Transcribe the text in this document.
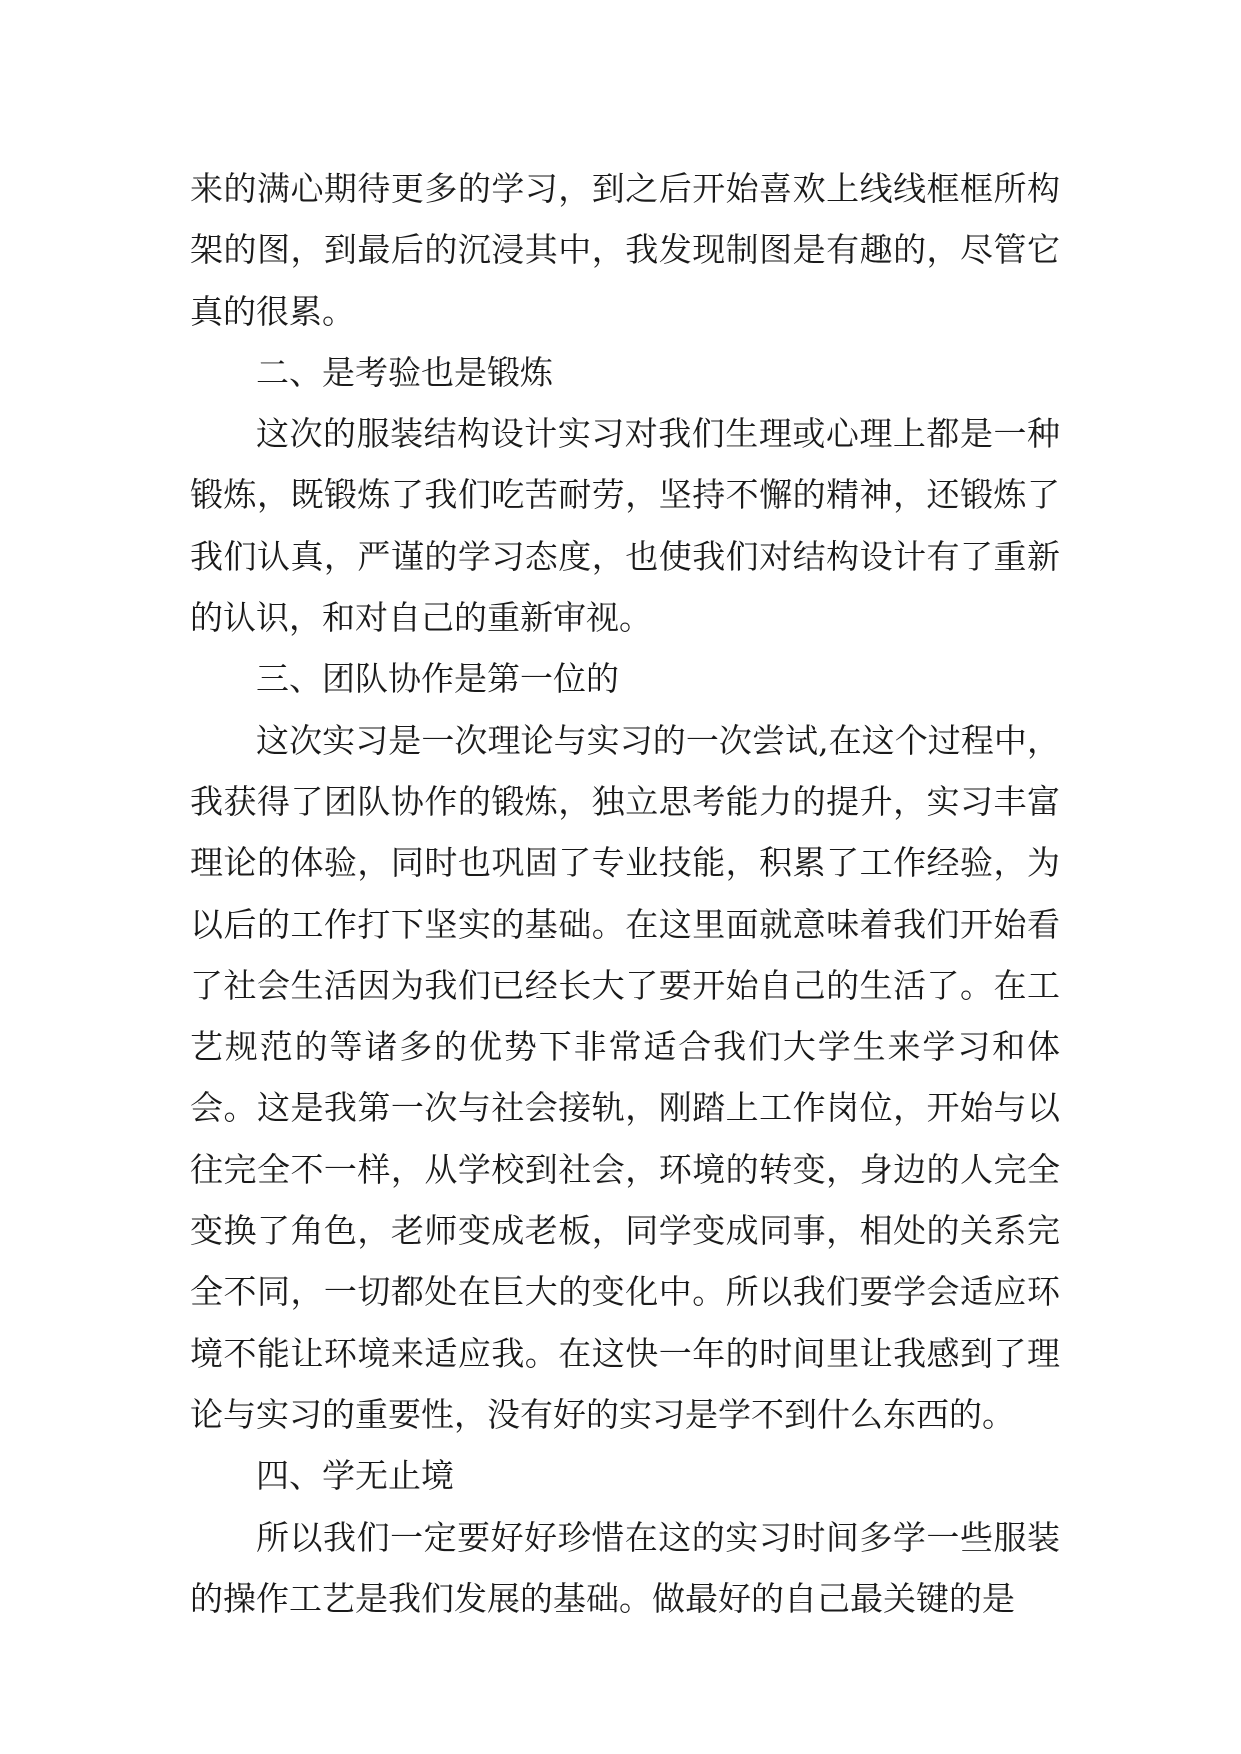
来的满心期待更多的学习，到之后开始喜欢上线线框框所构架的图，到最后的沉浸其中，我发现制图是有趣的，尽管它真的很累。

二、是考验也是锻炼

这次的服装结构设计实习对我们生理或心理上都是一种锻炼，既锻炼了我们吃苦耐劳，坚持不懈的精神，还锻炼了我们认真，严谨的学习态度，也使我们对结构设计有了重新的认识，和对自己的重新审视。

三、团队协作是第一位的

这次实习是一次理论与实习的一次尝试,在这个过程中，我获得了团队协作的锻炼，独立思考能力的提升，实习丰富理论的体验，同时也巩固了专业技能，积累了工作经验，为以后的工作打下坚实的基础。在这里面就意味着我们开始看了社会生活因为我们已经长大了要开始自己的生活了。在工艺规范的等诸多的优势下非常适合我们大学生来学习和体会。这是我第一次与社会接轨，刚踏上工作岗位，开始与以往完全不一样，从学校到社会，环境的转变，身边的人完全变换了角色，老师变成老板，同学变成同事，相处的关系完全不同，一切都处在巨大的变化中。所以我们要学会适应环境不能让环境来适应我。在这快一年的时间里让我感到了理论与实习的重要性，没有好的实习是学不到什么东西的。

四、学无止境

所以我们一定要好好珍惜在这的实习时间多学一些服装的操作工艺是我们发展的基础。做最好的自己最关键的是
